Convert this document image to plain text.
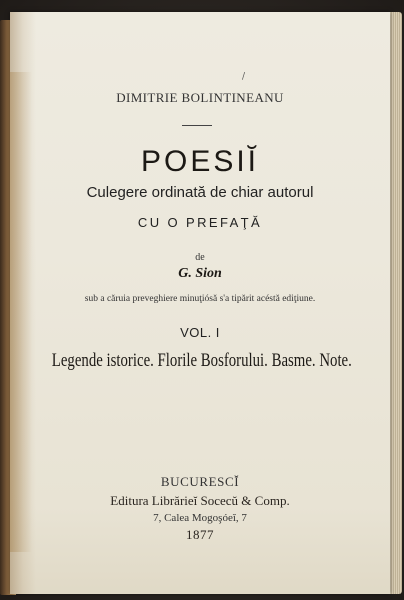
/
DIMITRIE BOLINTINEANU
POESIĬ
Culegere ordinată de chiar autorul
CU O PREFAŢĂ
de
G. Sion
sub a căruia preveghiere minuţiósă s'a tipărit acéstă ediţiune.
VOL. I
Legende istorice. Florile Bosforului. Basme. Note.
BUCURESCĬ
Editura Librărieĭ Socecŭ & Comp.
7, Calea Mogoşóeĭ, 7
1877
